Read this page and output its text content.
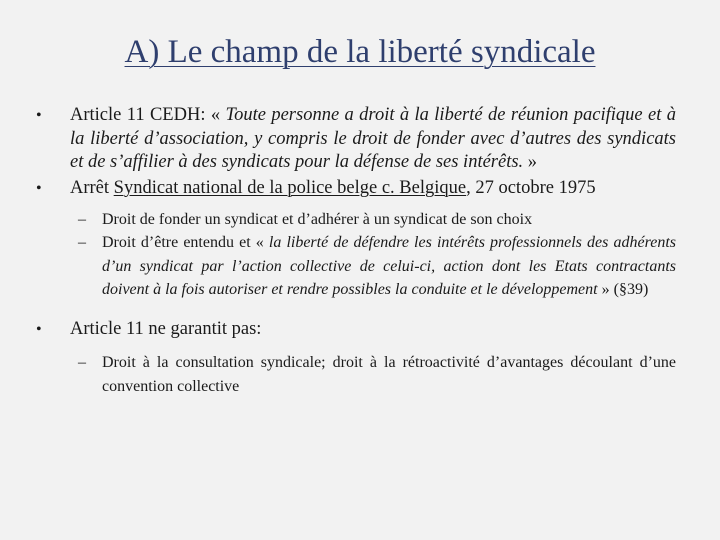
A) Le champ de la liberté syndicale
•	Article 11 CEDH: « Toute personne a droit à la liberté de réunion pacifique et à la liberté d’association, y compris le droit de fonder avec d’autres des syndicats et de s’affilier à des syndicats pour la défense de ses intérêts. »
•	Arrêt Syndicat national de la police belge c. Belgique, 27 octobre 1975
– Droit de fonder un syndicat et d’adhérer à un syndicat de son choix
– Droit d’être entendu et « la liberté de défendre les intérêts professionnels des adhérents d’un syndicat par l’action collective de celui-ci, action dont les Etats contractants doivent à la fois autoriser et rendre possibles la conduite et le développement » (§39)
•	Article 11 ne garantit pas:
– Droit à la consultation syndicale; droit à la rétroactivité d’avantages découlant d’une convention collective
